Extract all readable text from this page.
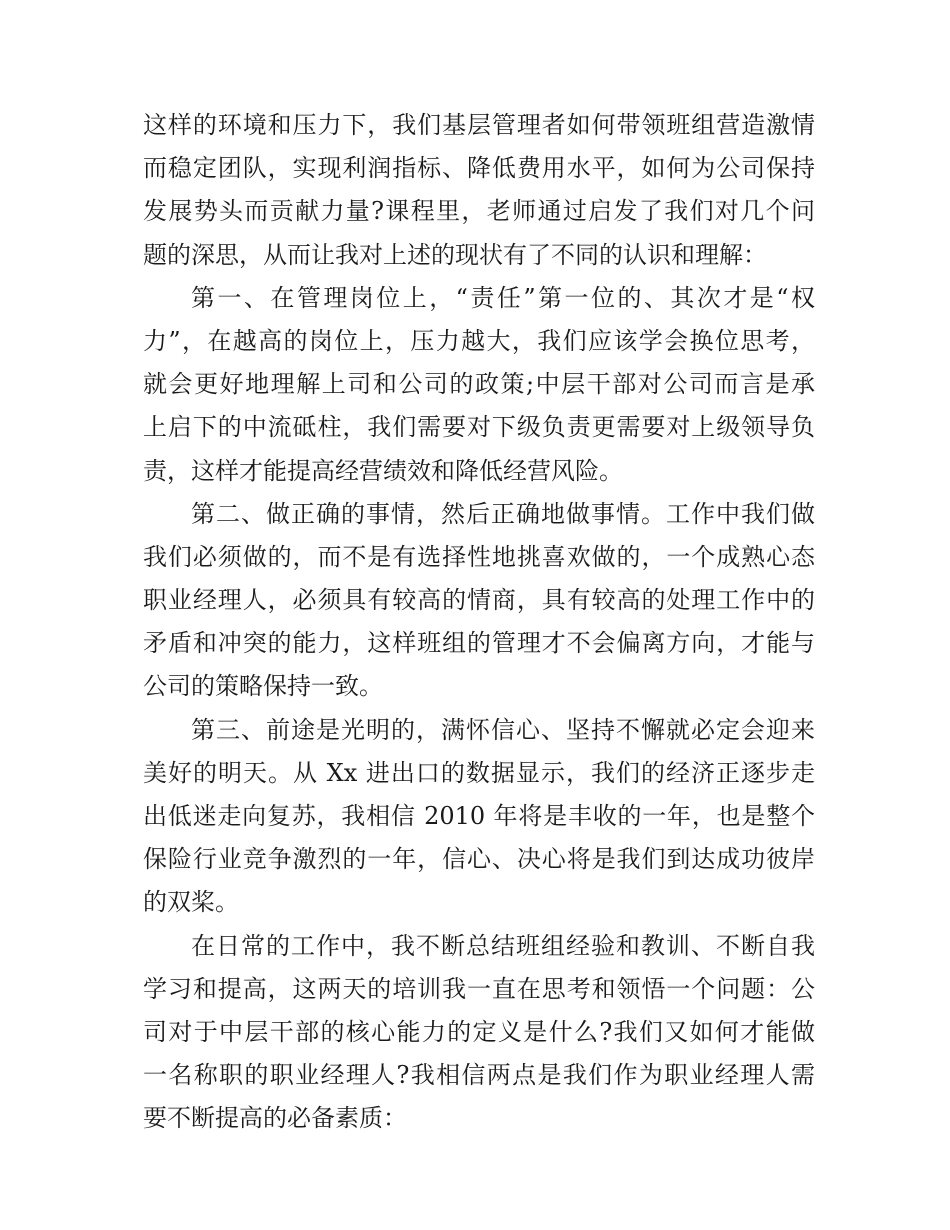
这样的环境和压力下，我们基层管理者如何带领班组营造激情
而稳定团队，实现利润指标、降低费用水平，如何为公司保持
发展势头而贡献力量?课程里，老师通过启发了我们对几个问
题的深思，从而让我对上述的现状有了不同的认识和理解：
第一、在管理岗位上，“责任”第一位的、其次才是“权
力”，在越高的岗位上，压力越大，我们应该学会换位思考，
就会更好地理解上司和公司的政策;中层干部对公司而言是承
上启下的中流砥柱，我们需要对下级负责更需要对上级领导负
责，这样才能提高经营绩效和降低经营风险。
第二、做正确的事情，然后正确地做事情。工作中我们做
我们必须做的，而不是有选择性地挑喜欢做的，一个成熟心态
职业经理人，必须具有较高的情商，具有较高的处理工作中的
矛盾和冲突的能力，这样班组的管理才不会偏离方向，才能与
公司的策略保持一致。
第三、前途是光明的，满怀信心、坚持不懈就必定会迎来
美好的明天。从 Xx 进出口的数据显示，我们的经济正逐步走
出低迷走向复苏，我相信 2010 年将是丰收的一年，也是整个
保险行业竞争激烈的一年，信心、决心将是我们到达成功彼岸
的双桨。
在日常的工作中，我不断总结班组经验和教训、不断自我
学习和提高，这两天的培训我一直在思考和领悟一个问题：公
司对于中层干部的核心能力的定义是什么?我们又如何才能做
一名称职的职业经理人?我相信两点是我们作为职业经理人需
要不断提高的必备素质：
